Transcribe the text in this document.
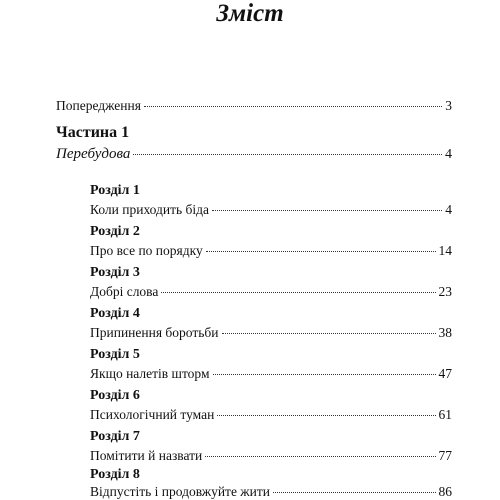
Зміст
Попередження	3
Частина 1
Перебудова	4
Розділ 1
Коли приходить біда	4
Розділ 2
Про все по порядку	14
Розділ 3
Добрі слова	23
Розділ 4
Припинення боротьби	38
Розділ 5
Якщо налетів шторм	47
Розділ 6
Психологічний туман	61
Розділ 7
Помітити й назвати	77
Розділ 8
Відпустіть і продовжуйте жити	86
